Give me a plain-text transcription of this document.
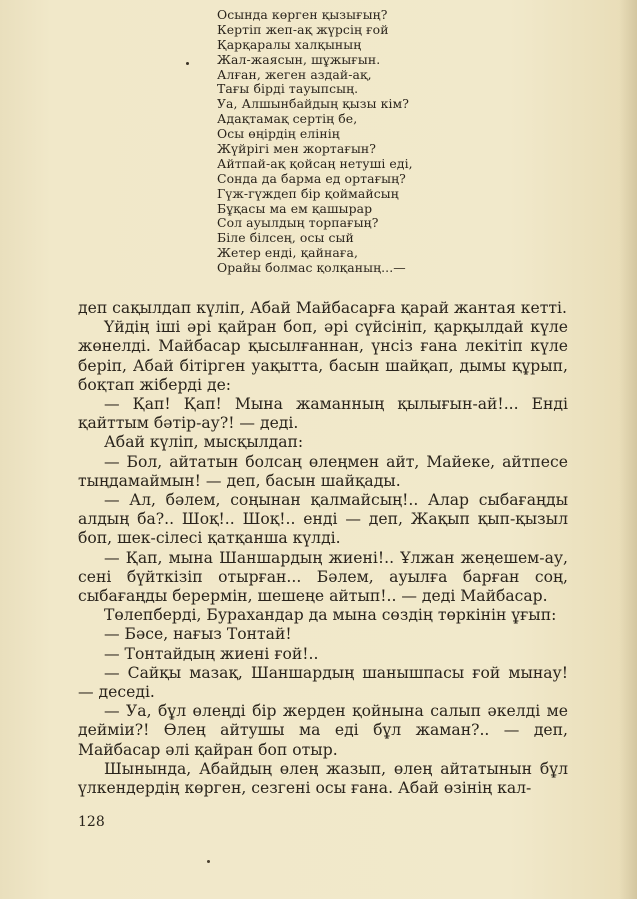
Осында көрген қызығың?
Кертіп жеп-ақ жүрсің ғой
Қарқаралы халқының
Жал-жаясын, шұжығын.
Алған, жеген аздай-ақ,
Тағы бірді тауыпсың.
Уа, Алшынбайдың қызы кім?
Адақтамақ сертің бе,
Осы өңірдің елінің
Жүйрігі мен жортағын?
Айтпай-ақ қойсаң нетуші еді,
Сонда да барма ед ортағың?
Гүж-гүждеп бір қоймайсың
Бұқасы ма ем қашырар
Сол ауылдың торпағың?
Біле білсең, осы сый
Жетер енді, қайнаға,
Орайы болмас қолқаның...—

деп сақылдап күліп, Абай Майбасарға қарай жантая кетті.

Үйдің іші әрі қайран боп, әрі сүйсініп, қарқылдай күле жөнелді. Майбасар қысылғаннан, үнсіз ғана лекітіп күле беріп, Абай бітірген уақытта, басын шайқап, дымы құрып, боқтап жіберді де:

— Қап! Қап! Мына жаманның қылығын-ай!... Енді қайттым бәтір-ау?! — деді.

Абай күліп, мысқылдап:

— Бол, айтатын болсаң өлеңмен айт, Майеке, айтпесе тыңдамаймын! — деп, басын шайқады.

— Ал, бәлем, соңынан қалмайсың!.. Алар сыбағаңды алдың ба?.. Шоқ!.. Шоқ!.. енді — деп, Жақып қып-қызыл боп, шек-сілесі қатқанша күлді.

— Қап, мына Шаншардың жиені!.. Ұлжан жеңешем-ау, сені бүйткізіп отырған... Бәлем, ауылға барған соң, сыбағаңды берермін, шешеңе айтып!.. — деді Майбасар.

Төлепберді, Бурахандар да мына сөздің төркінін ұғып:

— Бәсе, нағыз Тонтай!

— Тонтайдың жиені ғой!..

— Сайқы мазақ, Шаншардың шанышпасы ғой мынау! — деседі.

— Уа, бұл өлеңді бір жерден қойнына салып әкелді ме дейміи?! Өлең айтушы ма еді бұл жаман?.. — деп, Майбасар әлі қайран боп отыр.

Шынында, Абайдың өлең жазып, өлең айтатынын бұл үлкендердің көрген, сезгені осы ғана. Абай өзінің кал-

128
